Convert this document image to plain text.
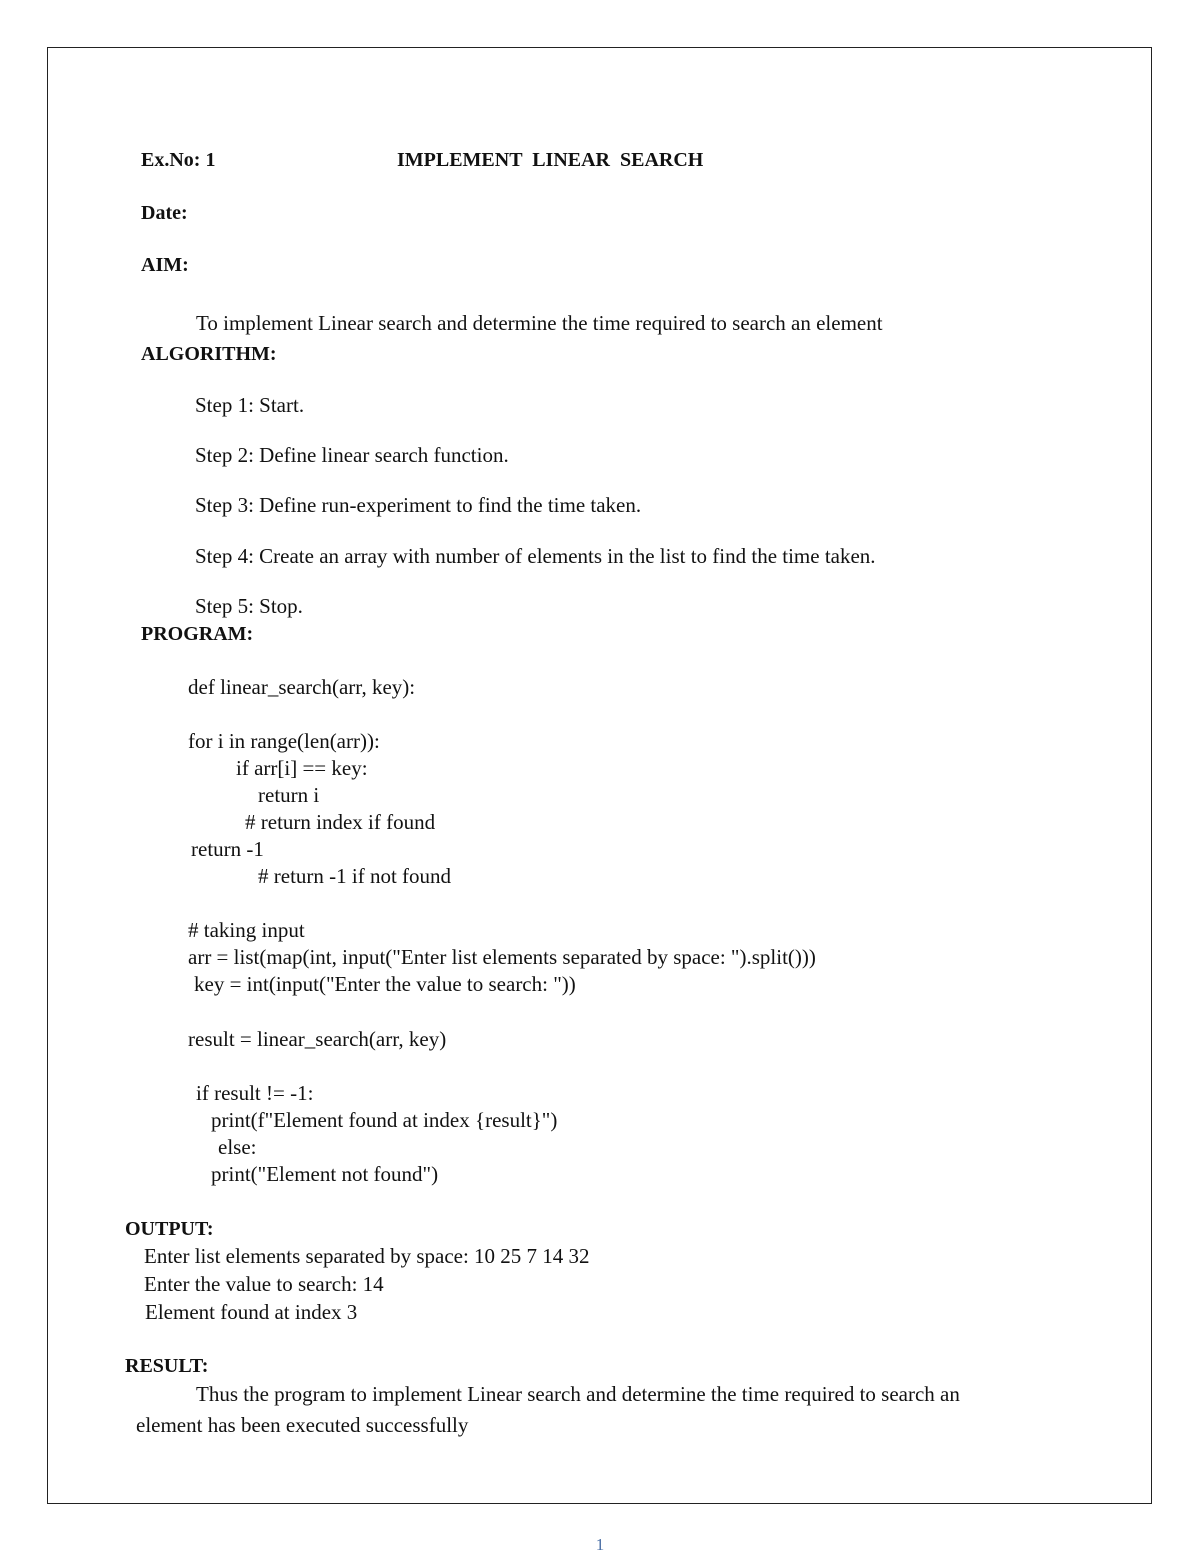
Ex.No: 1	IMPLEMENT  LINEAR  SEARCH
Date:
AIM:
To implement Linear search and determine the time required to search an element
ALGORITHM:
Step 1: Start.
Step 2: Define linear search function.
Step 3: Define run-experiment to find the time taken.
Step 4: Create an array with number of elements in the list to find the time taken.
Step 5: Stop.
PROGRAM:
def linear_search(arr, key):
for i in range(len(arr)):
if arr[i] == key:
return i
# return index if found
return -1
# return -1 if not found
# taking input
arr = list(map(int, input("Enter list elements separated by space: ").split()))
key = int(input("Enter the value to search: "))
result = linear_search(arr, key)
if result != -1:
print(f"Element found at index {result}")
else:
print("Element not found")
OUTPUT:
Enter list elements separated by space: 10 25 7 14 32
Enter the value to search: 14
Element found at index 3
RESULT:
Thus the program to implement Linear search and determine the time required to search an
element has been executed successfully
1
